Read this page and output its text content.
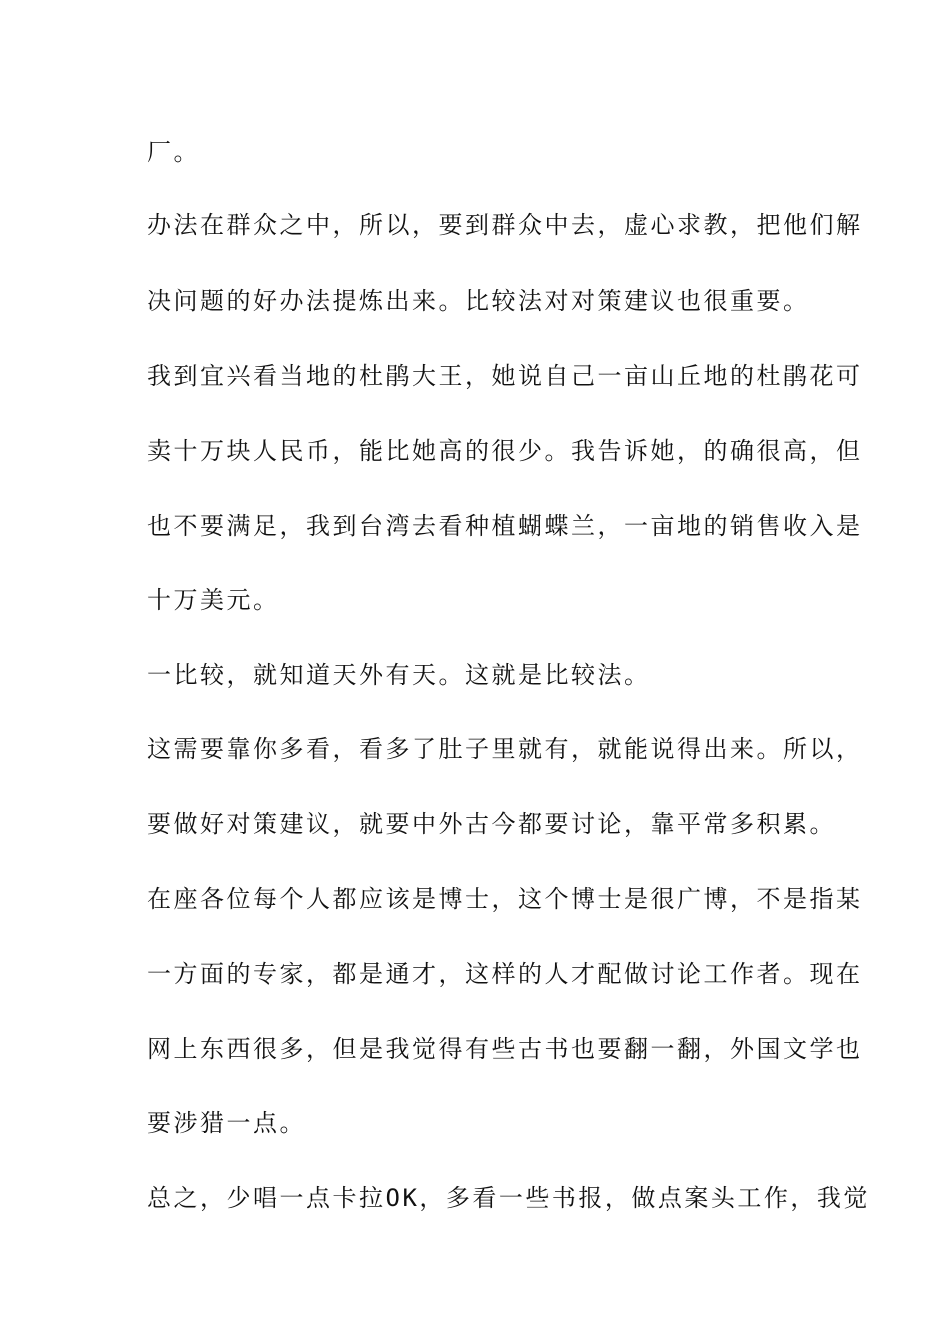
厂。
办法在群众之中，所以，要到群众中去，虚心求教，把他们解
决问题的好办法提炼出来。比较法对对策建议也很重要。
我到宜兴看当地的杜鹃大王，她说自己一亩山丘地的杜鹃花可
卖十万块人民币，能比她高的很少。我告诉她，的确很高，但
也不要满足，我到台湾去看种植蝴蝶兰，一亩地的销售收入是
十万美元。
一比较，就知道天外有天。这就是比较法。
这需要靠你多看，看多了肚子里就有，就能说得出来。所以，
要做好对策建议，就要中外古今都要讨论，靠平常多积累。
在座各位每个人都应该是博士，这个博士是很广博，不是指某
一方面的专家，都是通才，这样的人才配做讨论工作者。现在
网上东西很多，但是我觉得有些古书也要翻一翻，外国文学也
要涉猎一点。
总之，少唱一点卡拉OK，多看一些书报，做点案头工作，我觉
